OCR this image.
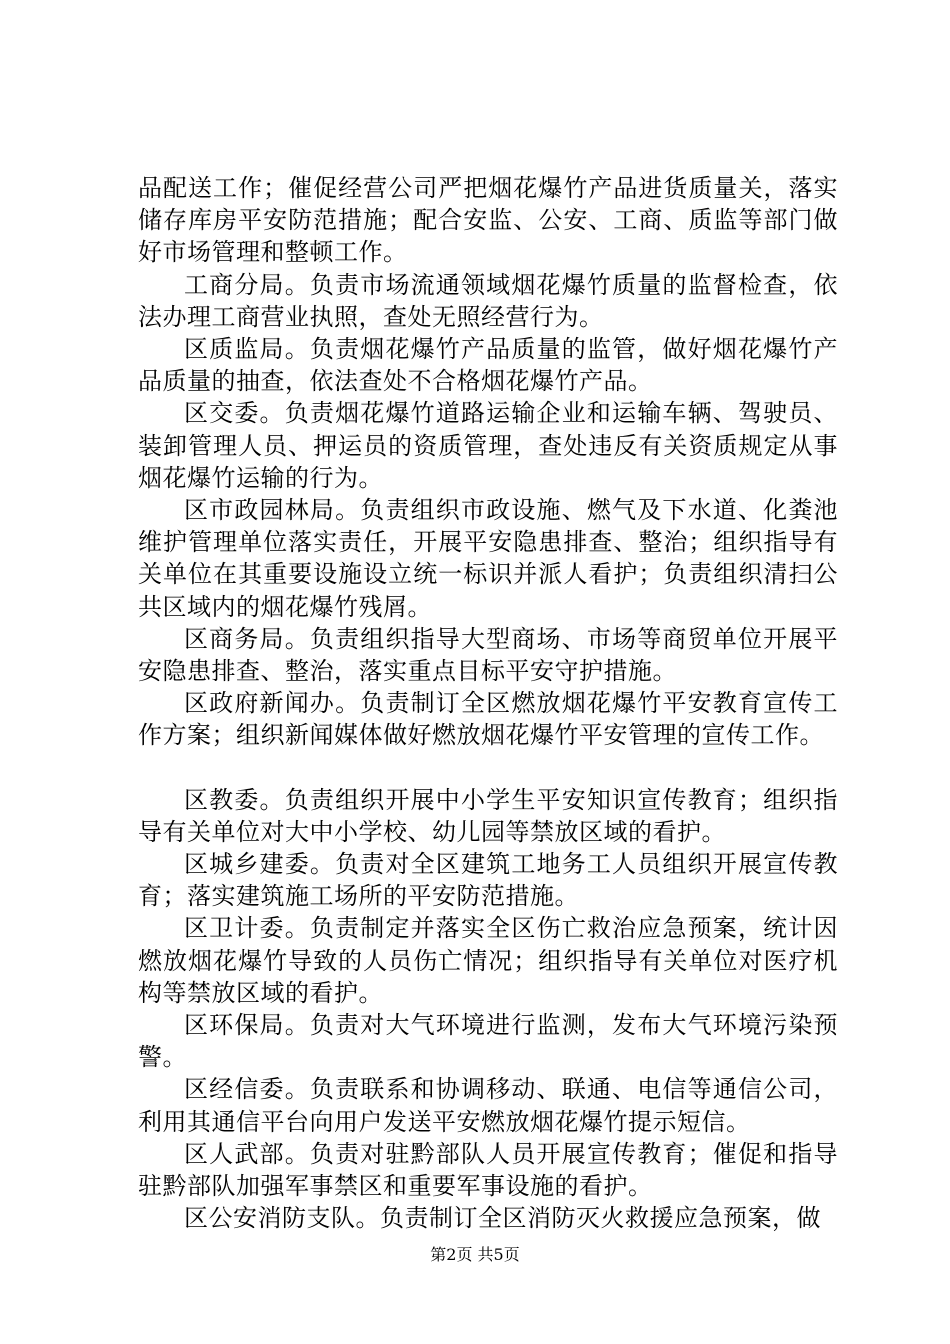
品配送工作；催促经营公司严把烟花爆竹产品进货质量关，落实储存库房平安防范措施；配合安监、公安、工商、质监等部门做好市场管理和整顿工作。

工商分局。负责市场流通领域烟花爆竹质量的监督检查，依法办理工商营业执照，查处无照经营行为。

区质监局。负责烟花爆竹产品质量的监管，做好烟花爆竹产品质量的抽查，依法查处不合格烟花爆竹产品。

区交委。负责烟花爆竹道路运输企业和运输车辆、驾驶员、装卸管理人员、押运员的资质管理，查处违反有关资质规定从事烟花爆竹运输的行为。

区市政园林局。负责组织市政设施、燃气及下水道、化粪池维护管理单位落实责任，开展平安隐患排查、整治；组织指导有关单位在其重要设施设立统一标识并派人看护；负责组织清扫公共区域内的烟花爆竹残屑。

区商务局。负责组织指导大型商场、市场等商贸单位开展平安隐患排查、整治，落实重点目标平安守护措施。

区政府新闻办。负责制订全区燃放烟花爆竹平安教育宣传工作方案；组织新闻媒体做好燃放烟花爆竹平安管理的宣传工作。

区教委。负责组织开展中小学生平安知识宣传教育；组织指导有关单位对大中小学校、幼儿园等禁放区域的看护。

区城乡建委。负责对全区建筑工地务工人员组织开展宣传教育；落实建筑施工场所的平安防范措施。

区卫计委。负责制定并落实全区伤亡救治应急预案，统计因燃放烟花爆竹导致的人员伤亡情况；组织指导有关单位对医疗机构等禁放区域的看护。

区环保局。负责对大气环境进行监测，发布大气环境污染预警。

区经信委。负责联系和协调移动、联通、电信等通信公司，利用其通信平台向用户发送平安燃放烟花爆竹提示短信。

区人武部。负责对驻黔部队人员开展宣传教育；催促和指导驻黔部队加强军事禁区和重要军事设施的看护。

区公安消防支队。负责制订全区消防灭火救援应急预案，做

第2页 共5页
